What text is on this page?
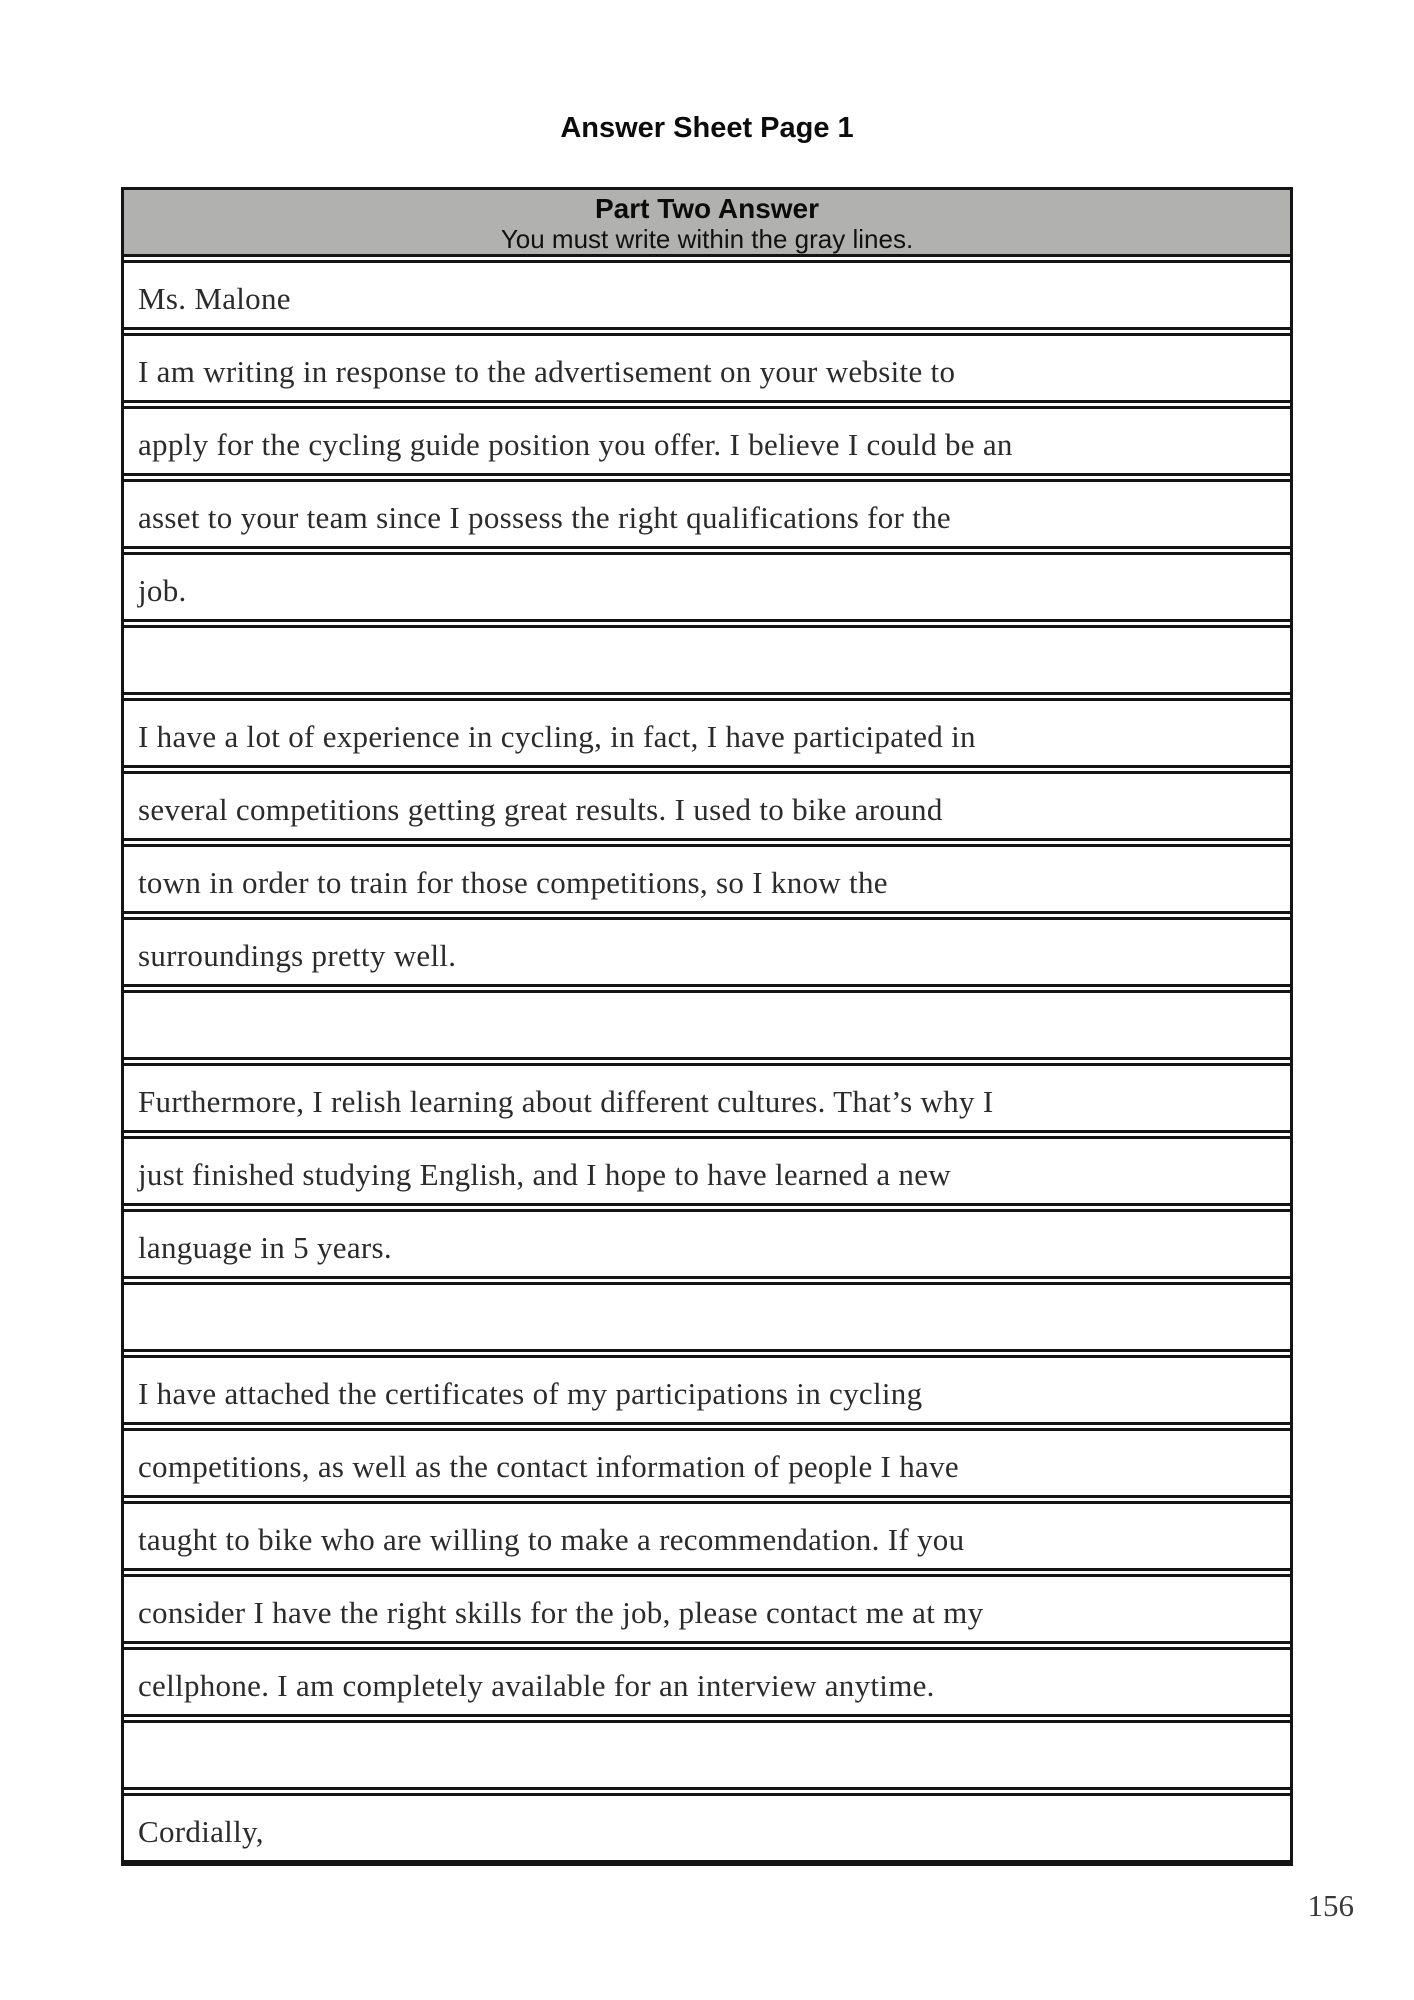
Answer Sheet Page 1
Part Two Answer
You must write within the gray lines.
Ms. Malone
I am writing in response to the advertisement on your website to
apply for the cycling guide position you offer. I believe I could be an
asset to your team since I possess the right qualifications for the
job.
I have a lot of experience in cycling, in fact, I have participated in
several competitions getting great results. I used to bike around
town in order to train for those competitions, so I know the
surroundings pretty well.
Furthermore, I relish learning about different cultures. That’s why I
just finished studying English, and I hope to have learned a new
language in 5 years.
I have attached the certificates of my participations in cycling
competitions, as well as the contact information of people I have
taught to bike who are willing to make a recommendation. If you
consider I have the right skills for the job, please contact me at my
cellphone. I am completely available for an interview anytime.
Cordially,
156
